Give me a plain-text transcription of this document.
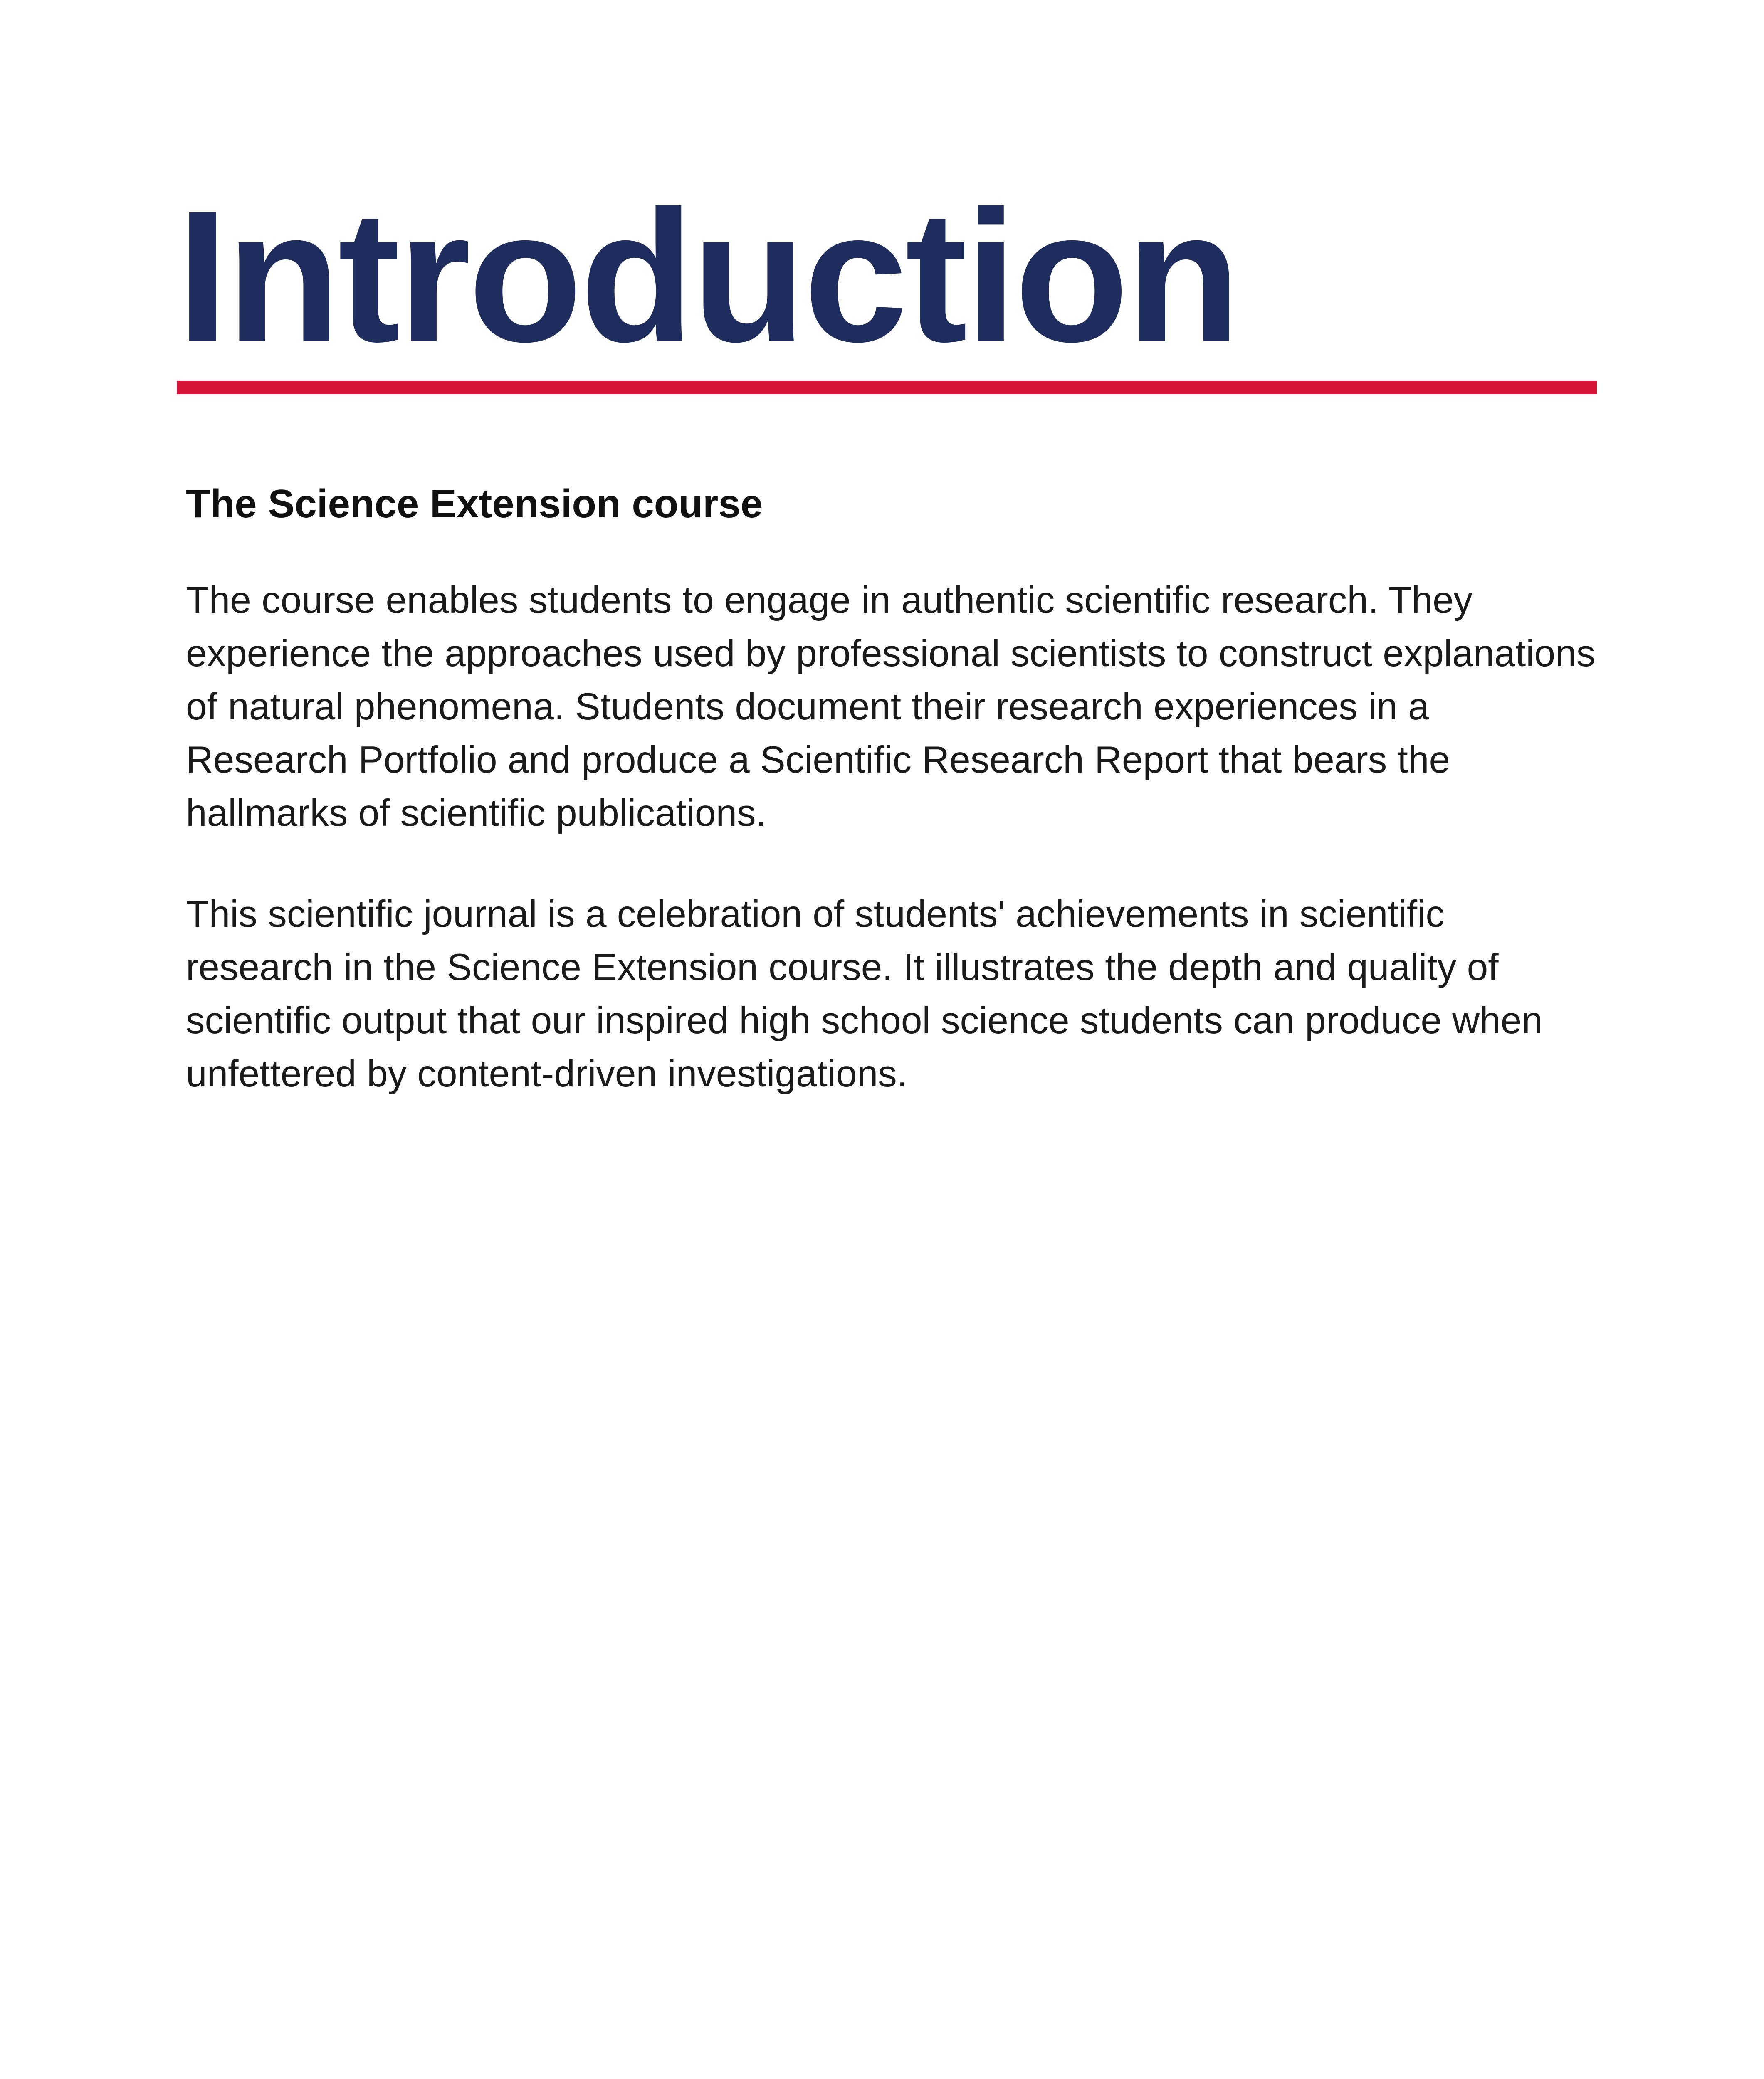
Introduction
The Science Extension course

The course enables students to engage in authentic scientific research. They experience the approaches used by professional scientists to construct explanations of natural phenomena. Students document their research experiences in a Research Portfolio and produce a Scientific Research Report that bears the hallmarks of scientific publications.

This scientific journal is a celebration of students' achievements in scientific research in the Science Extension course. It illustrates the depth and quality of scientific output that our inspired high school science students can produce when unfettered by content-driven investigations.
